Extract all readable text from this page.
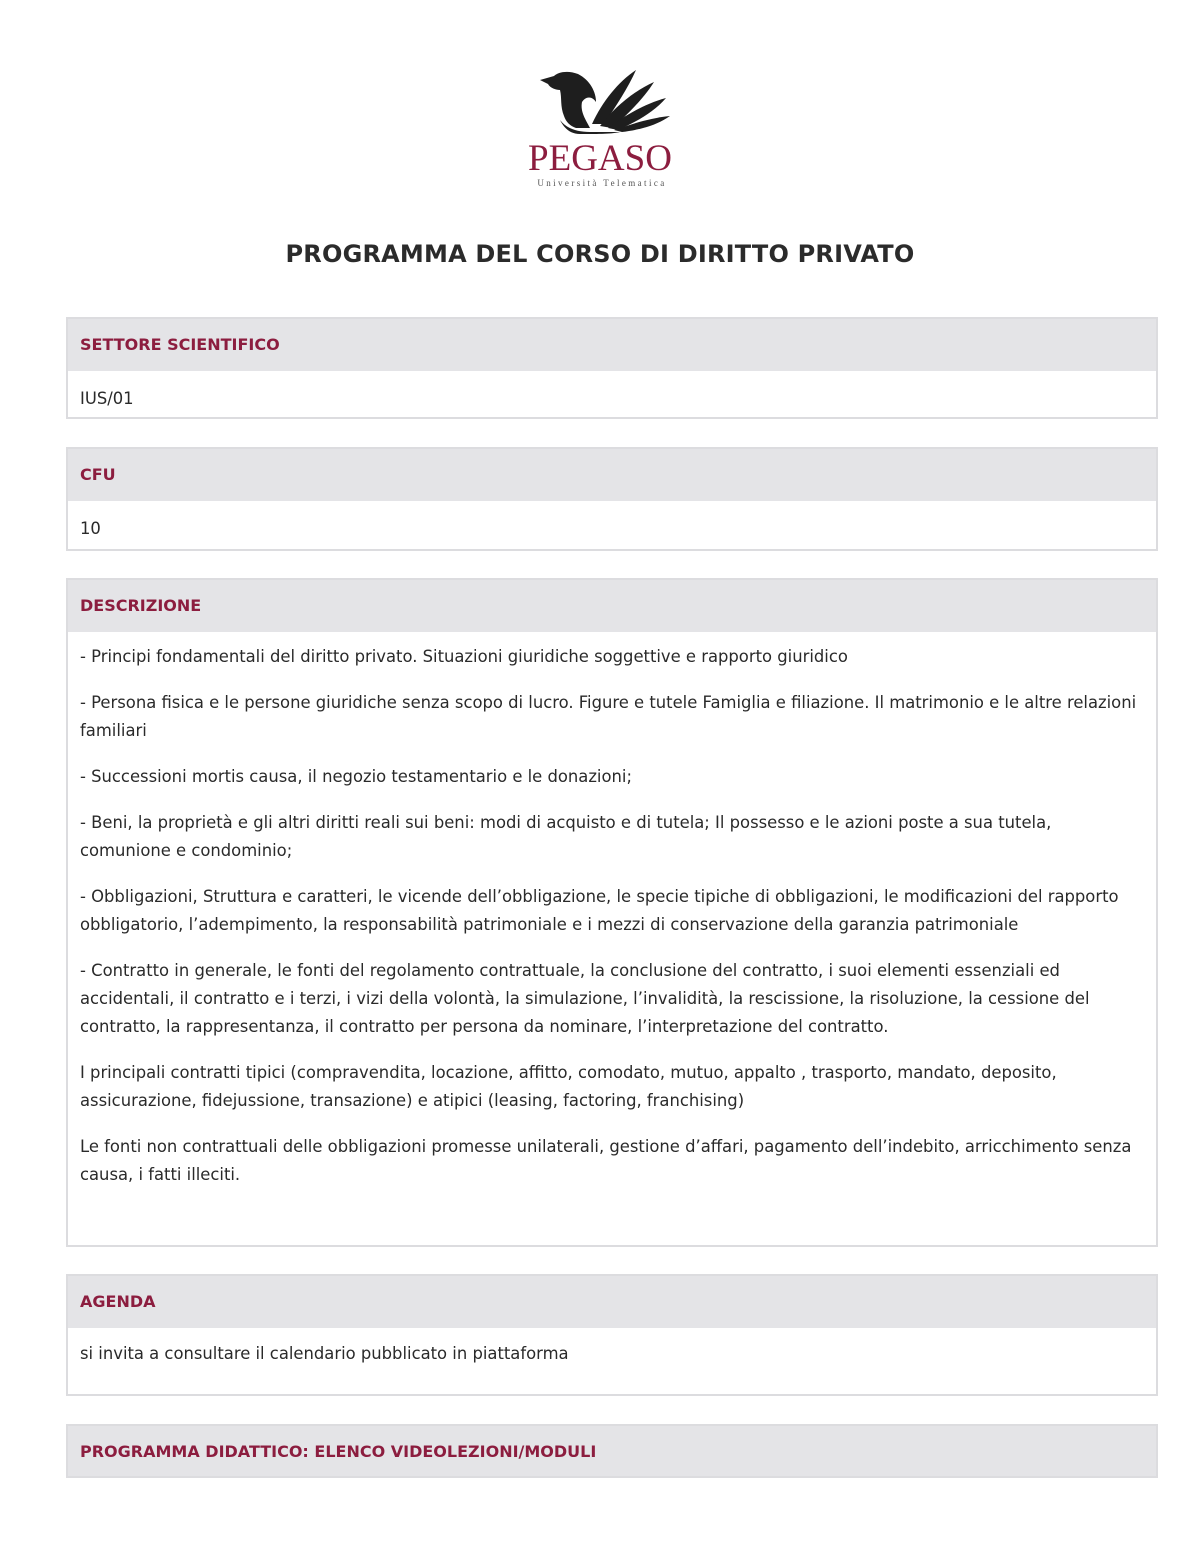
PEGASO
Università Telematica
PROGRAMMA DEL CORSO DI DIRITTO PRIVATO
SETTORE SCIENTIFICO

IUS/01

CFU

10

DESCRIZIONE

- Principi fondamentali del diritto privato. Situazioni giuridiche soggettive e rapporto giuridico

- Persona fisica e le persone giuridiche senza scopo di lucro. Figure e tutele Famiglia e filiazione. Il matrimonio e le altre relazioni familiari

- Successioni mortis causa, il negozio testamentario e le donazioni;

- Beni, la proprietà e gli altri diritti reali sui beni: modi di acquisto e di tutela; Il possesso e le azioni poste a sua tutela, comunione e condominio;

- Obbligazioni, Struttura e caratteri, le vicende dell’obbligazione, le specie tipiche di obbligazioni, le modificazioni del rapporto obbligatorio, l’adempimento, la responsabilità patrimoniale e i mezzi di conservazione della garanzia patrimoniale

- Contratto in generale, le fonti del regolamento contrattuale, la conclusione del contratto, i suoi elementi essenziali ed accidentali, il contratto e i terzi, i vizi della volontà, la simulazione, l’invalidità, la rescissione, la risoluzione, la cessione del contratto, la rappresentanza, il contratto per persona da nominare, l’interpretazione del contratto.

I principali contratti tipici (compravendita, locazione, affitto, comodato, mutuo, appalto , trasporto, mandato, deposito, assicurazione, fidejussione, transazione) e atipici (leasing, factoring, franchising)

Le fonti non contrattuali delle obbligazioni promesse unilaterali, gestione d’affari, pagamento dell’indebito, arricchimento senza causa, i fatti illeciti.

AGENDA

si invita a consultare il calendario pubblicato in piattaforma

PROGRAMMA DIDATTICO: ELENCO VIDEOLEZIONI/MODULI
